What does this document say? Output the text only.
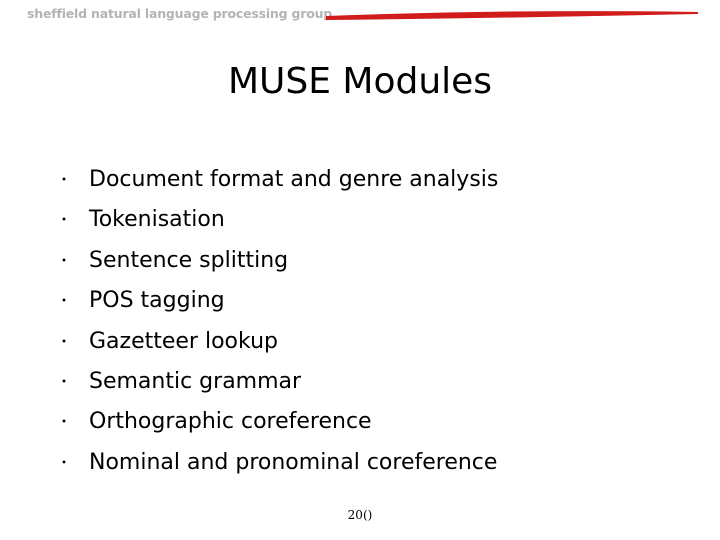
sheffield natural language processing group
MUSE Modules
・ Document format and genre analysis
・ Tokenisation
・ Sentence splitting
・ POS tagging
・ Gazetteer lookup
・ Semantic grammar
・ Orthographic coreference
・ Nominal and pronominal coreference
20()
